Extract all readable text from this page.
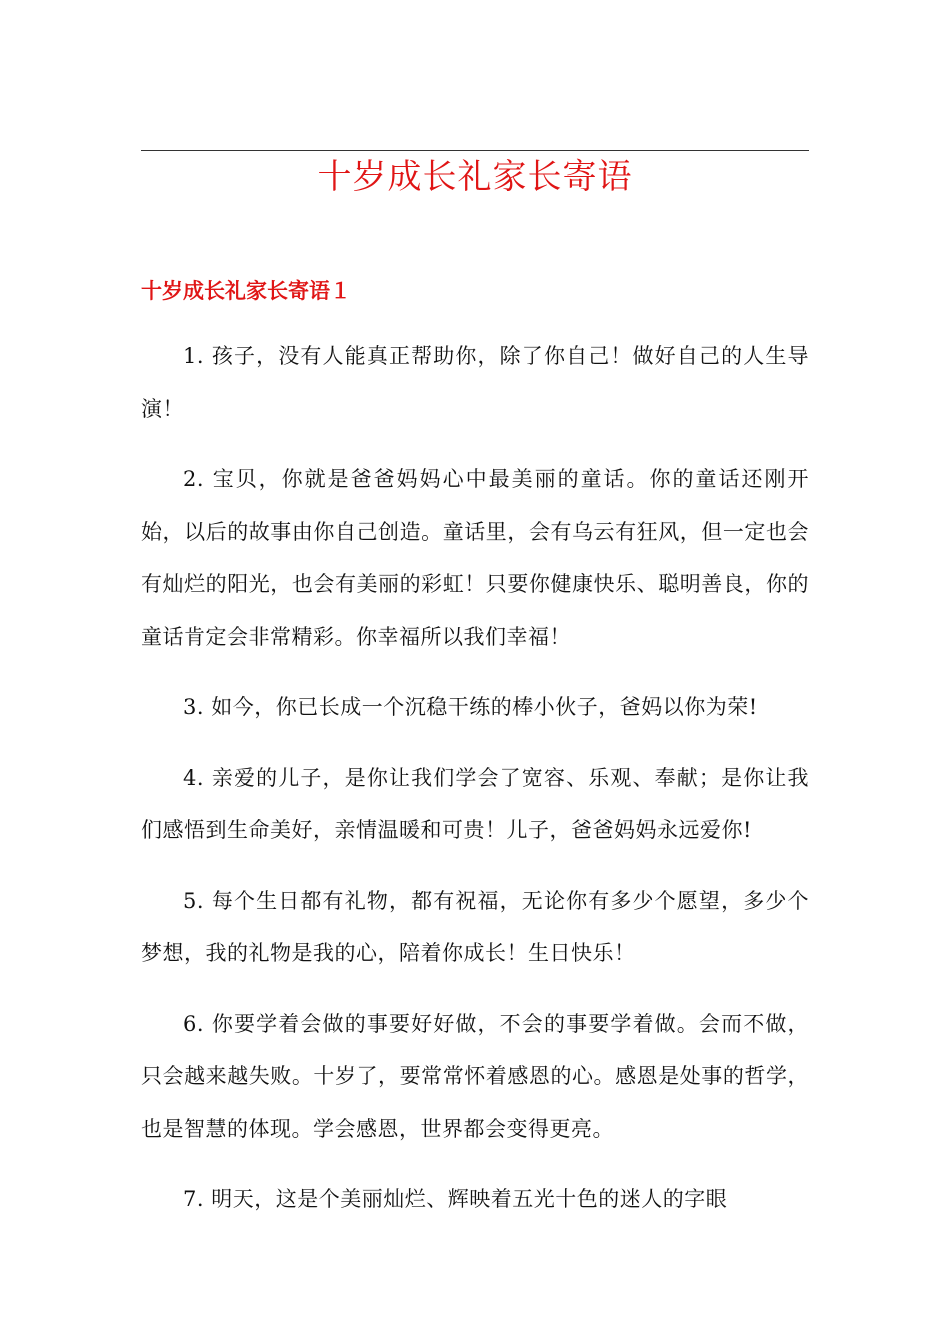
十岁成长礼家长寄语
十岁成长礼家长寄语１

1. 孩子，没有人能真正帮助你，除了你自己！做好自己的人生导演！

2. 宝贝，你就是爸爸妈妈心中最美丽的童话。你的童话还刚开始，以后的故事由你自己创造。童话里，会有乌云有狂风，但一定也会有灿烂的阳光，也会有美丽的彩虹！只要你健康快乐、聪明善良，你的童话肯定会非常精彩。你幸福所以我们幸福！

3. 如今，你已长成一个沉稳干练的棒小伙子，爸妈以你为荣!

4. 亲爱的儿子，是你让我们学会了宽容、乐观、奉献；是你让我们感悟到生命美好，亲情温暖和可贵！儿子，爸爸妈妈永远爱你!

5. 每个生日都有礼物，都有祝福，无论你有多少个愿望，多少个梦想，我的礼物是我的心，陪着你成长！生日快乐！

6. 你要学着会做的事要好好做，不会的事要学着做。会而不做，只会越来越失败。十岁了，要常常怀着感恩的心。感恩是处事的哲学，也是智慧的体现。学会感恩，世界都会变得更亮。

7. 明天，这是个美丽灿烂、辉映着五光十色的迷人的字眼
